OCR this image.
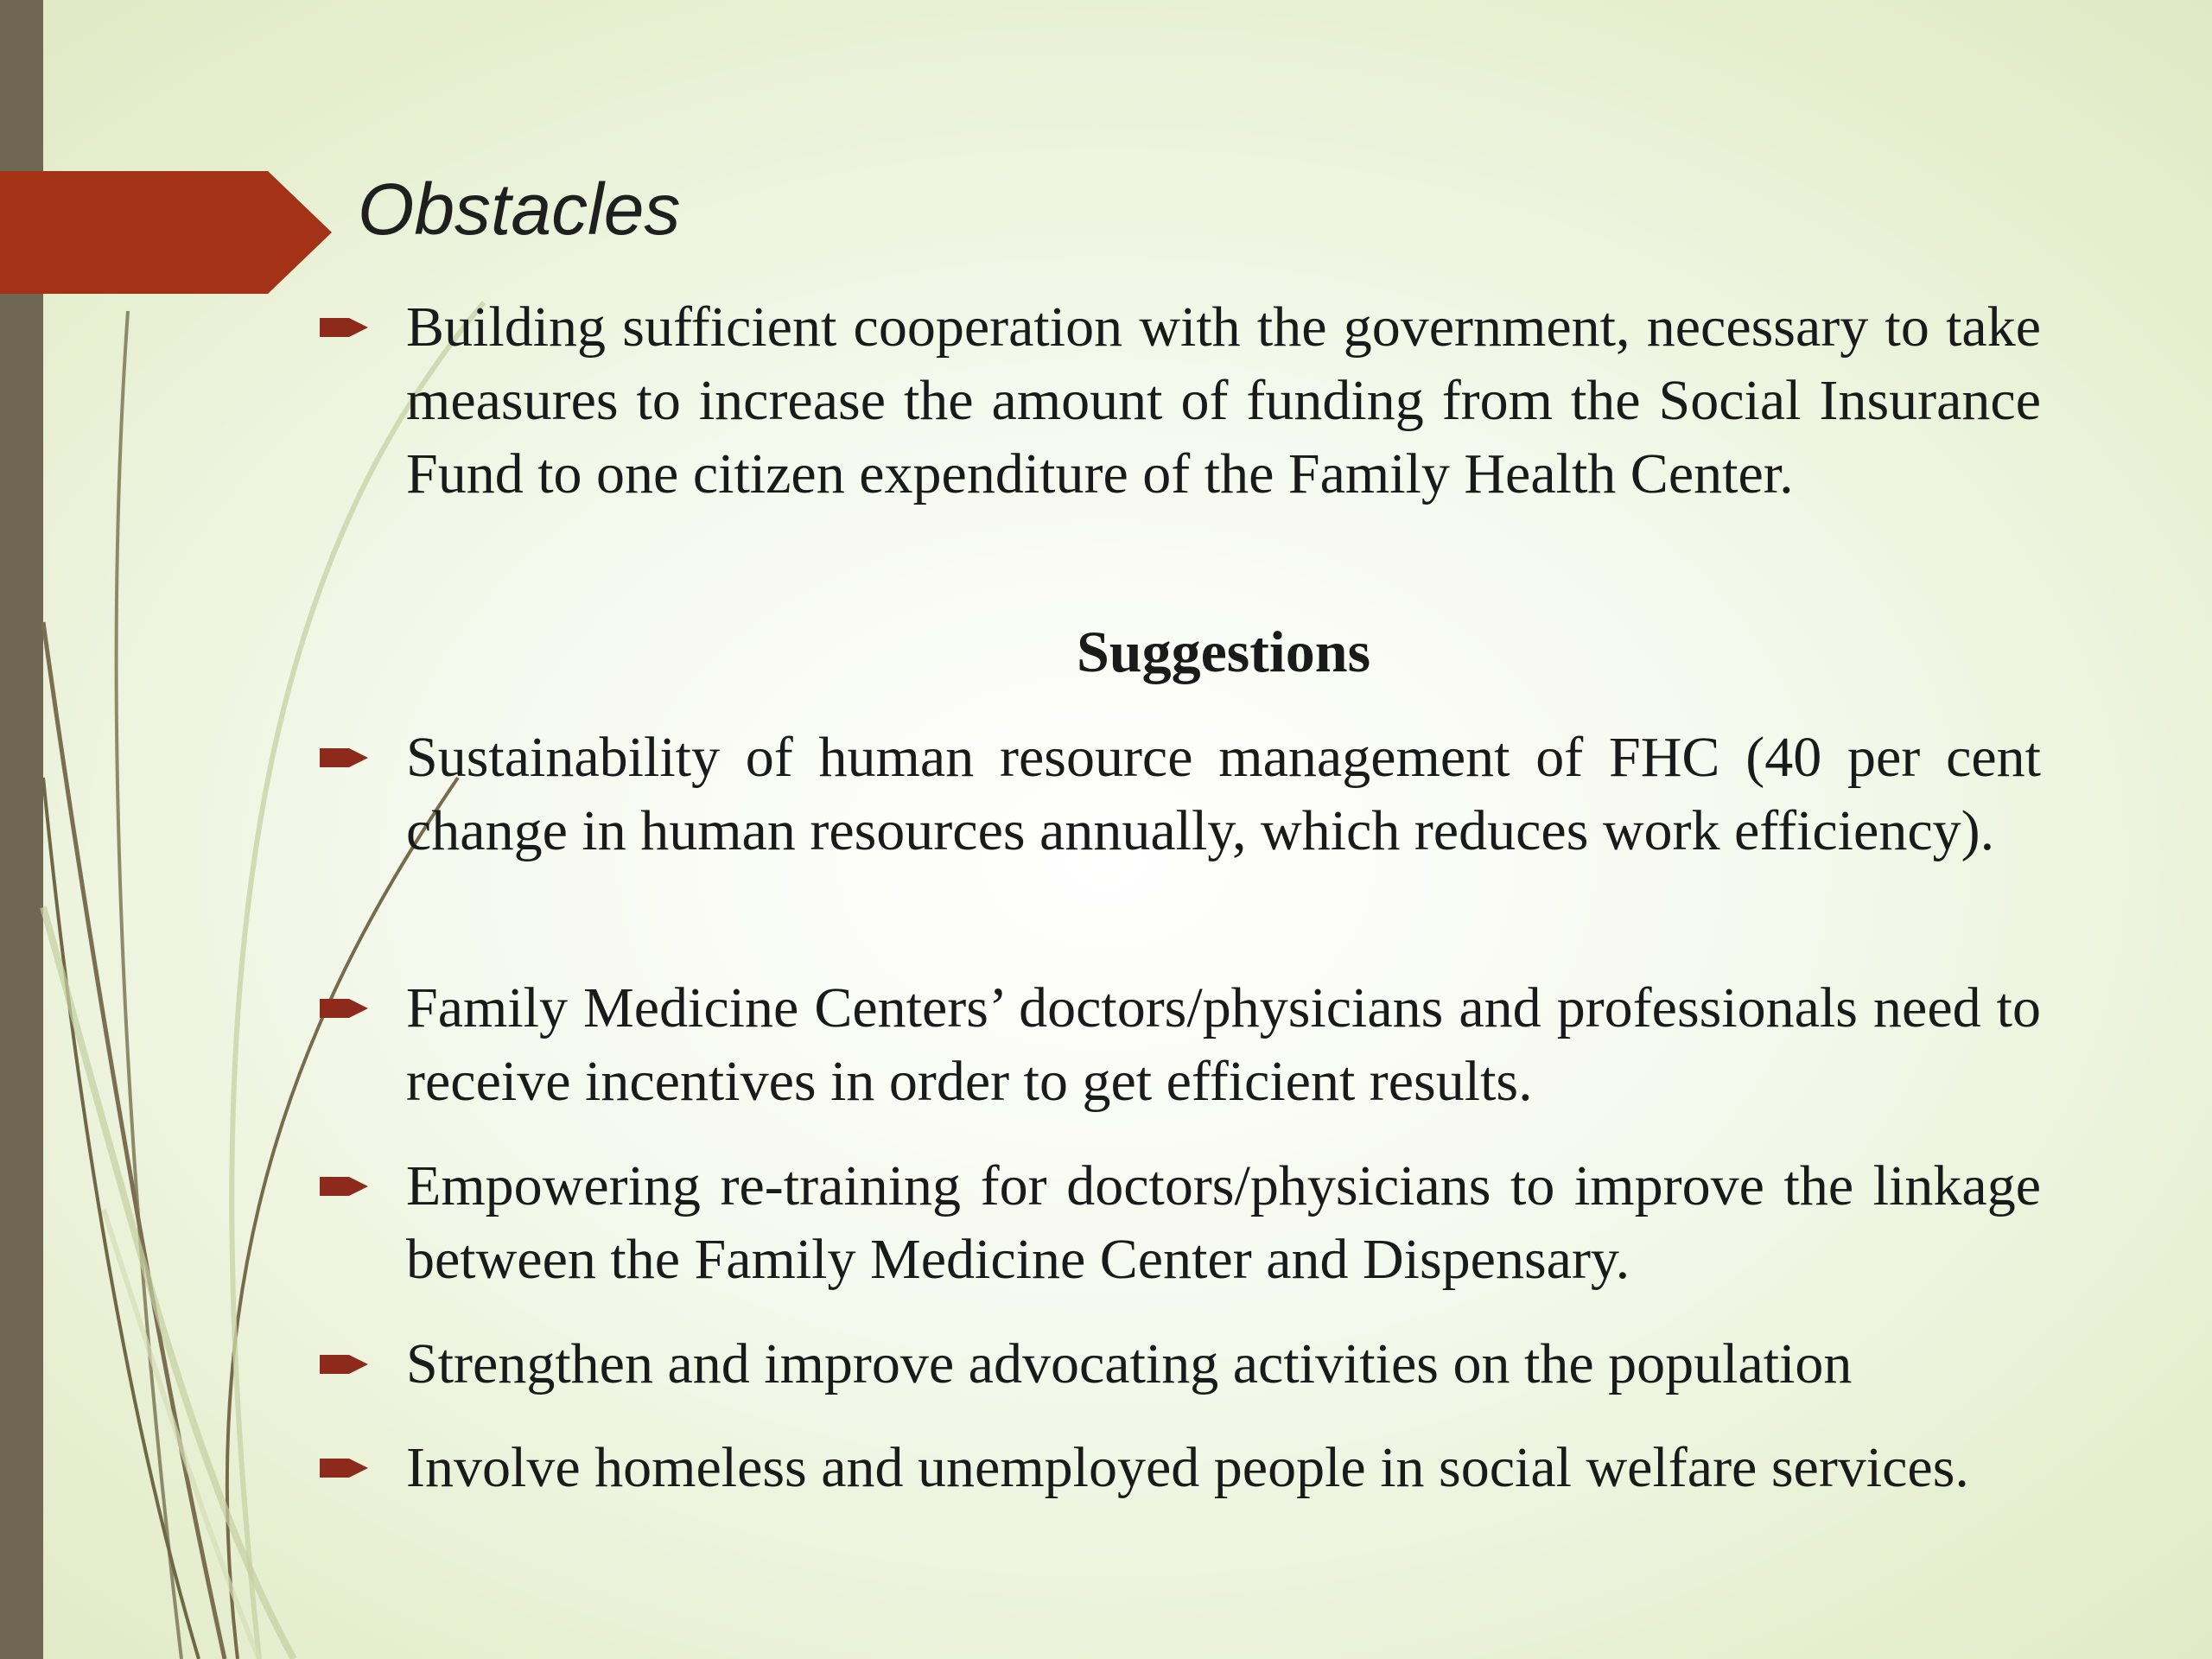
Obstacles
Building sufficient cooperation with the government, necessary to take measures to increase the amount of funding from the Social Insurance Fund to one citizen expenditure of the Family Health Center.
Suggestions
Sustainability of human resource management of FHC (40 per cent change in human resources annually, which reduces work efficiency).
Family Medicine Centers’ doctors/physicians and professionals need to receive incentives in order to get efficient results.
Empowering re-training for doctors/physicians to improve the linkage between the Family Medicine Center and Dispensary.
Strengthen and improve advocating activities on the population
Involve homeless and unemployed people in social welfare services.
